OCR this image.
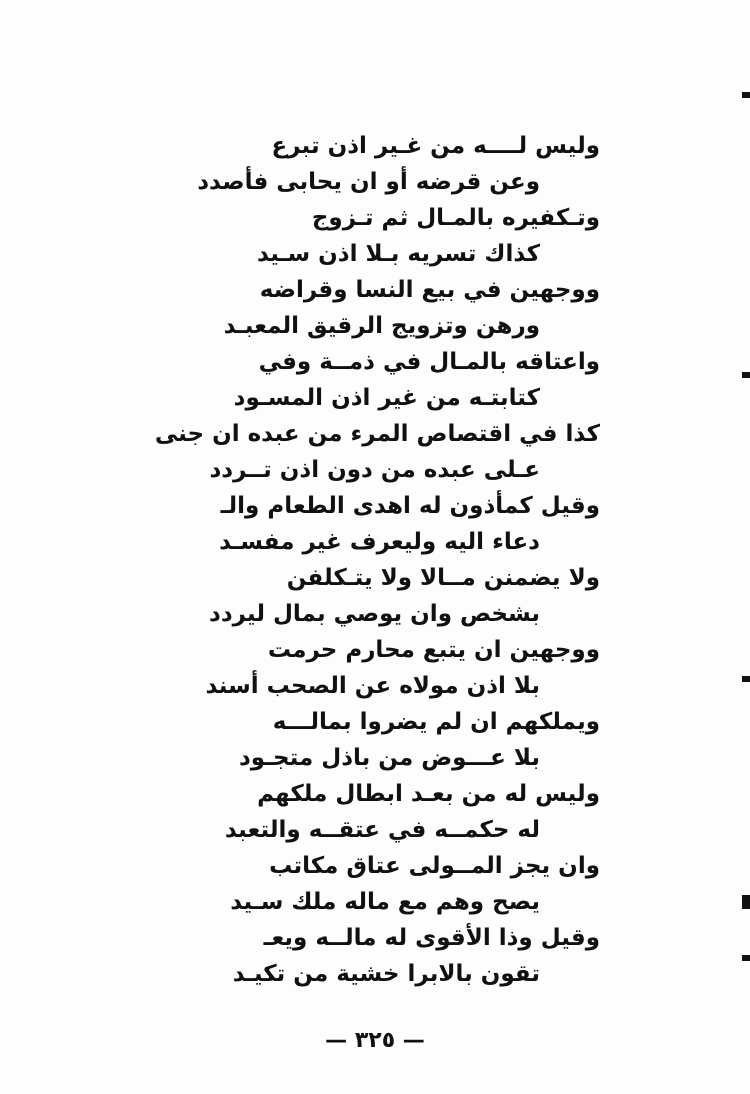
وليس لــــه من غـير اذن تبرع
وعن قرضه أو ان يحابى فأصدد
وتـكفيره بالمـال ثم تـزوج
كذاك تسريه بـلا اذن سـيد
ووجهين في بيع النسا وقراضه
ورهن وتزويج الرقيق المعبـد
واعتاقه بالمـال في ذمــة وفي
كتابتـه من غير اذن المسـود
كذا في اقتصاص المرء من عبده ان جنى
عـلى عبده من دون اذن تــردد
وقيل كمأذون له اهدى الطعام والـ
دعاء اليه وليعرف غير مفسـد
ولا يضمنن مــالا ولا يتـكلفن
بشخص وان يوصي بمال ليردد
ووجهين ان يتبع محارم حرمت
بلا اذن مولاه عن الصحب أسند
ويملكهم ان لم يضروا بمالـــه
بلا عـــوض من باذل متجـود
وليس له من بعـد ابطال ملكهم
له حكمــه في عتقــه والتعبد
وان يجز المــولى عتاق مكاتب
يصح وهم مع ماله ملك سـيد
وقيل وذا الأقوى له مالــه ويعـ
تقون بالابرا خشية من تكيـد
— ٣٢٥ —
